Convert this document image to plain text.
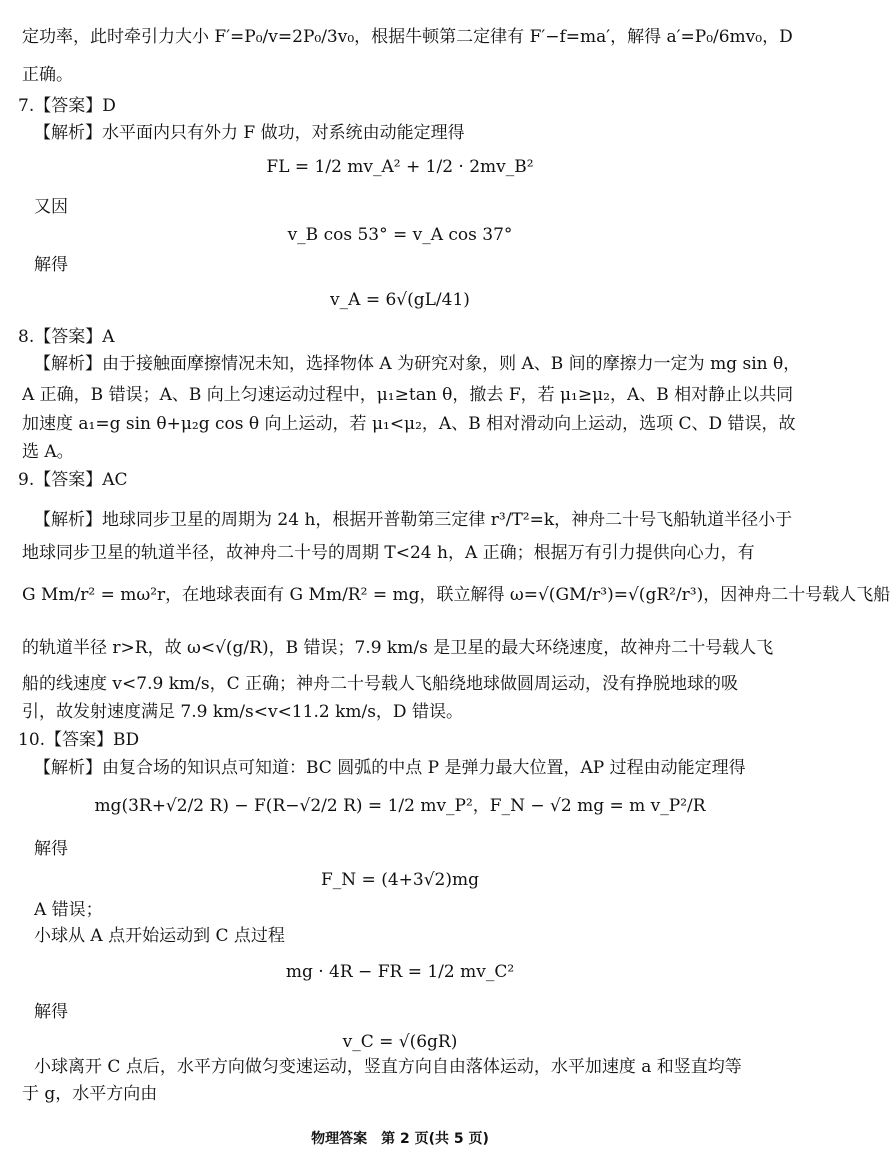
定功率，此时牵引力大小 F′=P₀/v=2P₀/3v₀，根据牛顿第二定律有 F′−f=ma′，解得 a′=P₀/6mv₀，D
正确。
7.【答案】D
【解析】水平面内只有外力 F 做功，对系统由动能定理得
FL = 1/2 mv_A² + 1/2 · 2mv_B²
又因
v_B cos 53° = v_A cos 37°
解得
v_A = 6√(gL/41)
8.【答案】A
【解析】由于接触面摩擦情况未知，选择物体 A 为研究对象，则 A、B 间的摩擦力一定为 mg sin θ，
A 正确，B 错误；A、B 向上匀速运动过程中，μ₁≥tan θ，撤去 F，若 μ₁≥μ₂，A、B 相对静止以共同
加速度 a₁=g sin θ+μ₂g cos θ 向上运动，若 μ₁<μ₂，A、B 相对滑动向上运动，选项 C、D 错误，故
选 A。
9.【答案】AC
【解析】地球同步卫星的周期为 24 h，根据开普勒第三定律 r³/T²=k，神舟二十号飞船轨道半径小于
地球同步卫星的轨道半径，故神舟二十号的周期 T<24 h，A 正确；根据万有引力提供向心力，有
G Mm/r² = mω²r，在地球表面有 G Mm/R² = mg，联立解得 ω=√(GM/r³)=√(gR²/r³)，因神舟二十号载人飞船
的轨道半径 r>R，故 ω<√(g/R)，B 错误；7.9 km/s 是卫星的最大环绕速度，故神舟二十号载人飞
船的线速度 v<7.9 km/s，C 正确；神舟二十号载人飞船绕地球做圆周运动，没有挣脱地球的吸
引，故发射速度满足 7.9 km/s<v<11.2 km/s，D 错误。
10.【答案】BD
【解析】由复合场的知识点可知道：BC 圆弧的中点 P 是弹力最大位置，AP 过程由动能定理得
mg(3R+√2/2 R) − F(R−√2/2 R) = 1/2 mv_P²，F_N − √2 mg = m v_P²/R
解得
F_N = (4+3√2)mg
A 错误；
小球从 A 点开始运动到 C 点过程
mg · 4R − FR = 1/2 mv_C²
解得
v_C = √(6gR)
小球离开 C 点后，水平方向做匀变速运动，竖直方向自由落体运动，水平加速度 a 和竖直均等
于 g，水平方向由
物理答案　第 2 页(共 5 页)
